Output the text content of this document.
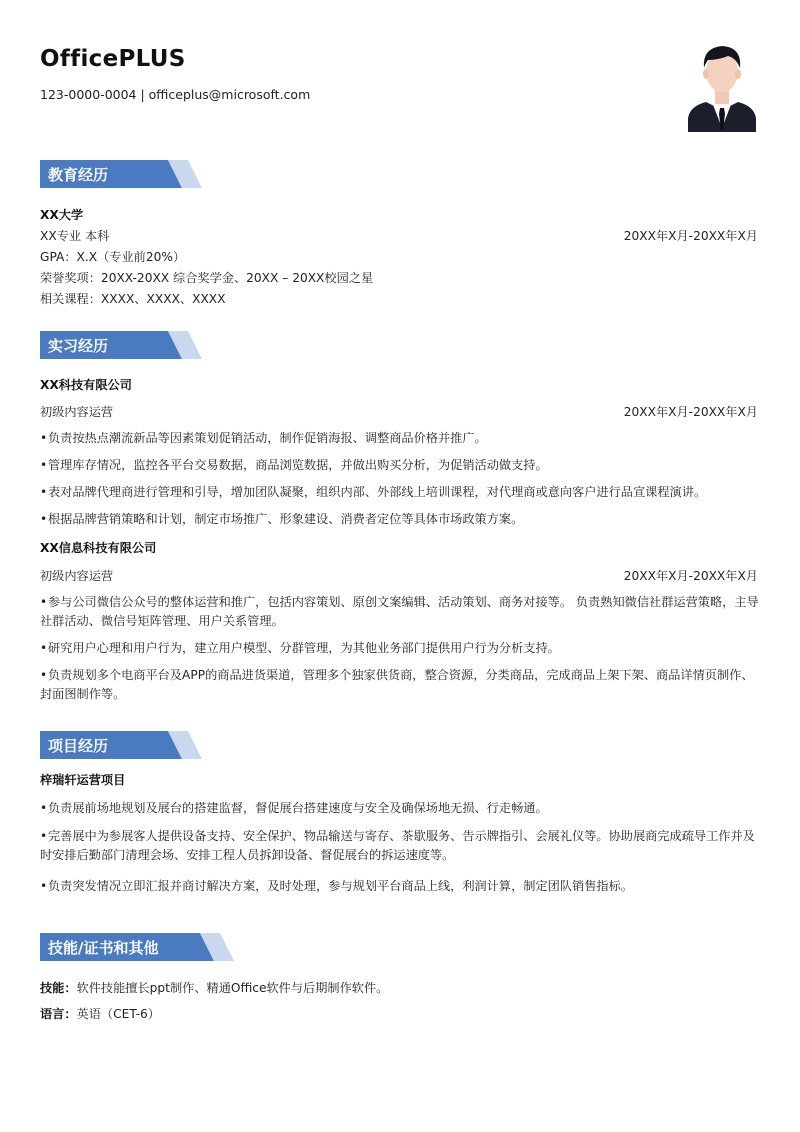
OfficePLUS
123-0000-0004 | officeplus@microsoft.com
教育经历
XX大学
XX专业 本科	20XX年X月-20XX年X月
GPA：X.X（专业前20%）
荣誉奖项：20XX-20XX 综合奖学金、20XX – 20XX校园之星
相关课程：XXXX、XXXX、XXXX
实习经历
XX科技有限公司
初级内容运营	20XX年X月-20XX年X月
•负责按热点潮流新品等因素策划促销活动，制作促销海报、调整商品价格并推广。
•管理库存情况，监控各平台交易数据，商品浏览数据，并做出购买分析，为促销活动做支持。
•表对品牌代理商进行管理和引导，增加团队凝聚，组织内部、外部线上培训课程，对代理商或意向客户进行品宣课程演讲。
•根据品牌营销策略和计划，制定市场推广、形象建设、消费者定位等具体市场政策方案。
XX信息科技有限公司
初级内容运营	20XX年X月-20XX年X月
•参与公司微信公众号的整体运营和推广，包括内容策划、原创文案编辑、活动策划、商务对接等。 负责熟知微信社群运营策略，主导社群活动、微信号矩阵管理、用户关系管理。
•研究用户心理和用户行为，建立用户模型、分群管理，为其他业务部门提供用户行为分析支持。
•负责规划多个电商平台及APP的商品进货渠道，管理多个独家供货商，整合资源，分类商品，完成商品上架下架、商品详情页制作、封面图制作等。
项目经历
梓瑞轩运营项目
•负责展前场地规划及展台的搭建监督，督促展台搭建速度与安全及确保场地无损、行走畅通。
•完善展中为参展客人提供设备支持、安全保护、物品输送与寄存、茶歇服务、告示牌指引、会展礼仪等。协助展商完成疏导工作并及时安排后勤部门清理会场、安排工程人员拆卸设备、督促展台的拆运速度等。
•负责突发情况立即汇报并商讨解决方案，及时处理，参与规划平台商品上线，利润计算，制定团队销售指标。
技能/证书和其他
技能：软件技能擅长ppt制作、精通Office软件与后期制作软件。
语言：英语（CET-6）
